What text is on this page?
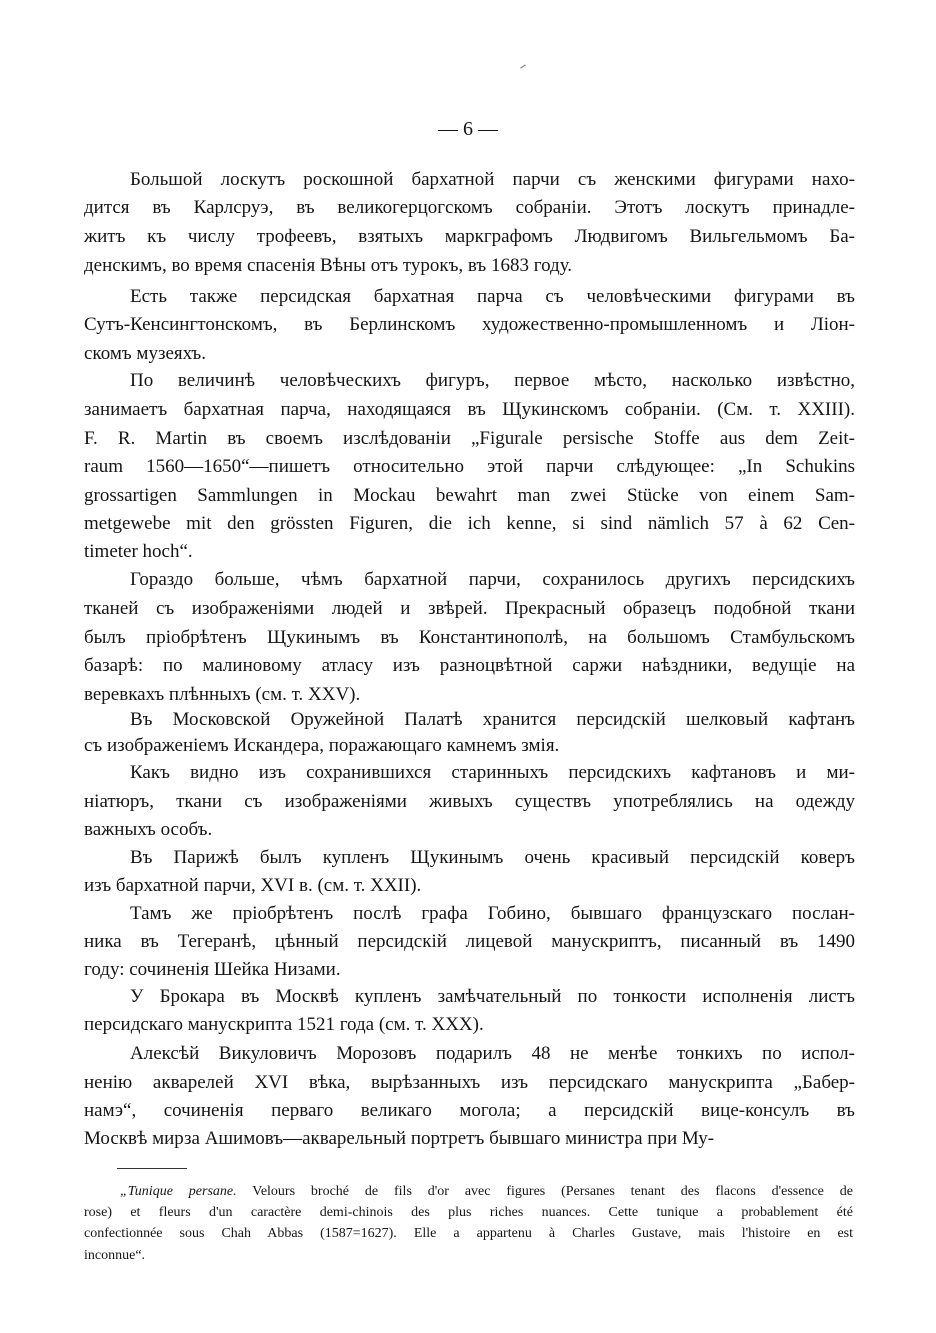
— 6 —
Большой лоскутъ роскошной бархатной парчи съ женскими фигурами нахо-
дится въ Карлсруэ, въ великогерцогскомъ собраніи. Этотъ лоскутъ принадле-
житъ къ числу трофеевъ, взятыхъ маркграфомъ Людвигомъ Вильгельмомъ Ба-
денскимъ, во время спасенія Вѣны отъ турокъ, въ 1683 году.
Есть также персидская бархатная парча съ человѣческими фигурами въ
Сутъ-Кенсингтонскомъ, въ Берлинскомъ художественно-промышленномъ и Ліон-
скомъ музеяхъ.
По величинѣ человѣческихъ фигуръ, первое мѣсто, насколько извѣстно,
занимаетъ бархатная парча, находящаяся въ Щукинскомъ собраніи. (См. т. XXIII).
F. R. Martin въ своемъ изслѣдованіи „Figurale persische Stoffe aus dem Zeit-
raum 1560—1650“—пишетъ относительно этой парчи слѣдующее: „In Schukins
grossartigen Sammlungen in Mockau bewahrt man zwei Stücke von einem Sam-
metgewebe mit den grössten Figuren, die ich kenne, si sind nämlich 57 à 62 Cen-
timeter hoch“.
Гораздо больше, чѣмъ бархатной парчи, сохранилось другихъ персидскихъ
тканей съ изображеніями людей и звѣрей. Прекрасный образецъ подобной ткани
былъ пріобрѣтенъ Щукинымъ въ Константинополѣ, на большомъ Стамбульскомъ
базарѣ: по малиновому атласу изъ разноцвѣтной саржи наѣздники, ведущіе на
веревкахъ плѣнныхъ (см. т. XXV).
Въ Московской Оружейной Палатѣ хранится персидскій шелковый кафтанъ
съ изображеніемъ Искандера, поражающаго камнемъ змія.
Какъ видно изъ сохранившихся старинныхъ персидскихъ кафтановъ и ми-
ніатюръ, ткани съ изображеніями живыхъ существъ употреблялись на одежду
важныхъ особъ.
Въ Парижѣ былъ купленъ Щукинымъ очень красивый персидскій коверъ
изъ бархатной парчи, XVI в. (см. т. XXII).
Тамъ же пріобрѣтенъ послѣ графа Гобино, бывшаго французскаго послан-
ника въ Тегеранѣ, цѣнный персидскій лицевой манускриптъ, писанный въ 1490
году: сочиненія Шейка Низами.
У Брокара въ Москвѣ купленъ замѣчательный по тонкости исполненія листъ
персидскаго манускрипта 1521 года (см. т. XXX).
Алексѣй Викуловичъ Морозовъ подарилъ 48 не менѣе тонкихъ по испол-
ненію акварелей XVI вѣка, вырѣзанныхъ изъ персидскаго манускрипта „Бабер-
намэ“, сочиненія перваго великаго могола; а персидскій вице-консулъ въ
Москвѣ мирза Ашимовъ—акварельный портретъ бывшаго министра при Му-
„Tunique persane. Velours broché de fils d'or avec figures (Persanes tenant des flacons d'essence de
rose) et fleurs d'un caractère demi-chinois des plus riches nuances. Cette tunique a probablement été
confectionnée sous Chah Abbas (1587=1627). Elle a appartenu à Charles Gustave, mais l'histoire en est
inconnue“.
